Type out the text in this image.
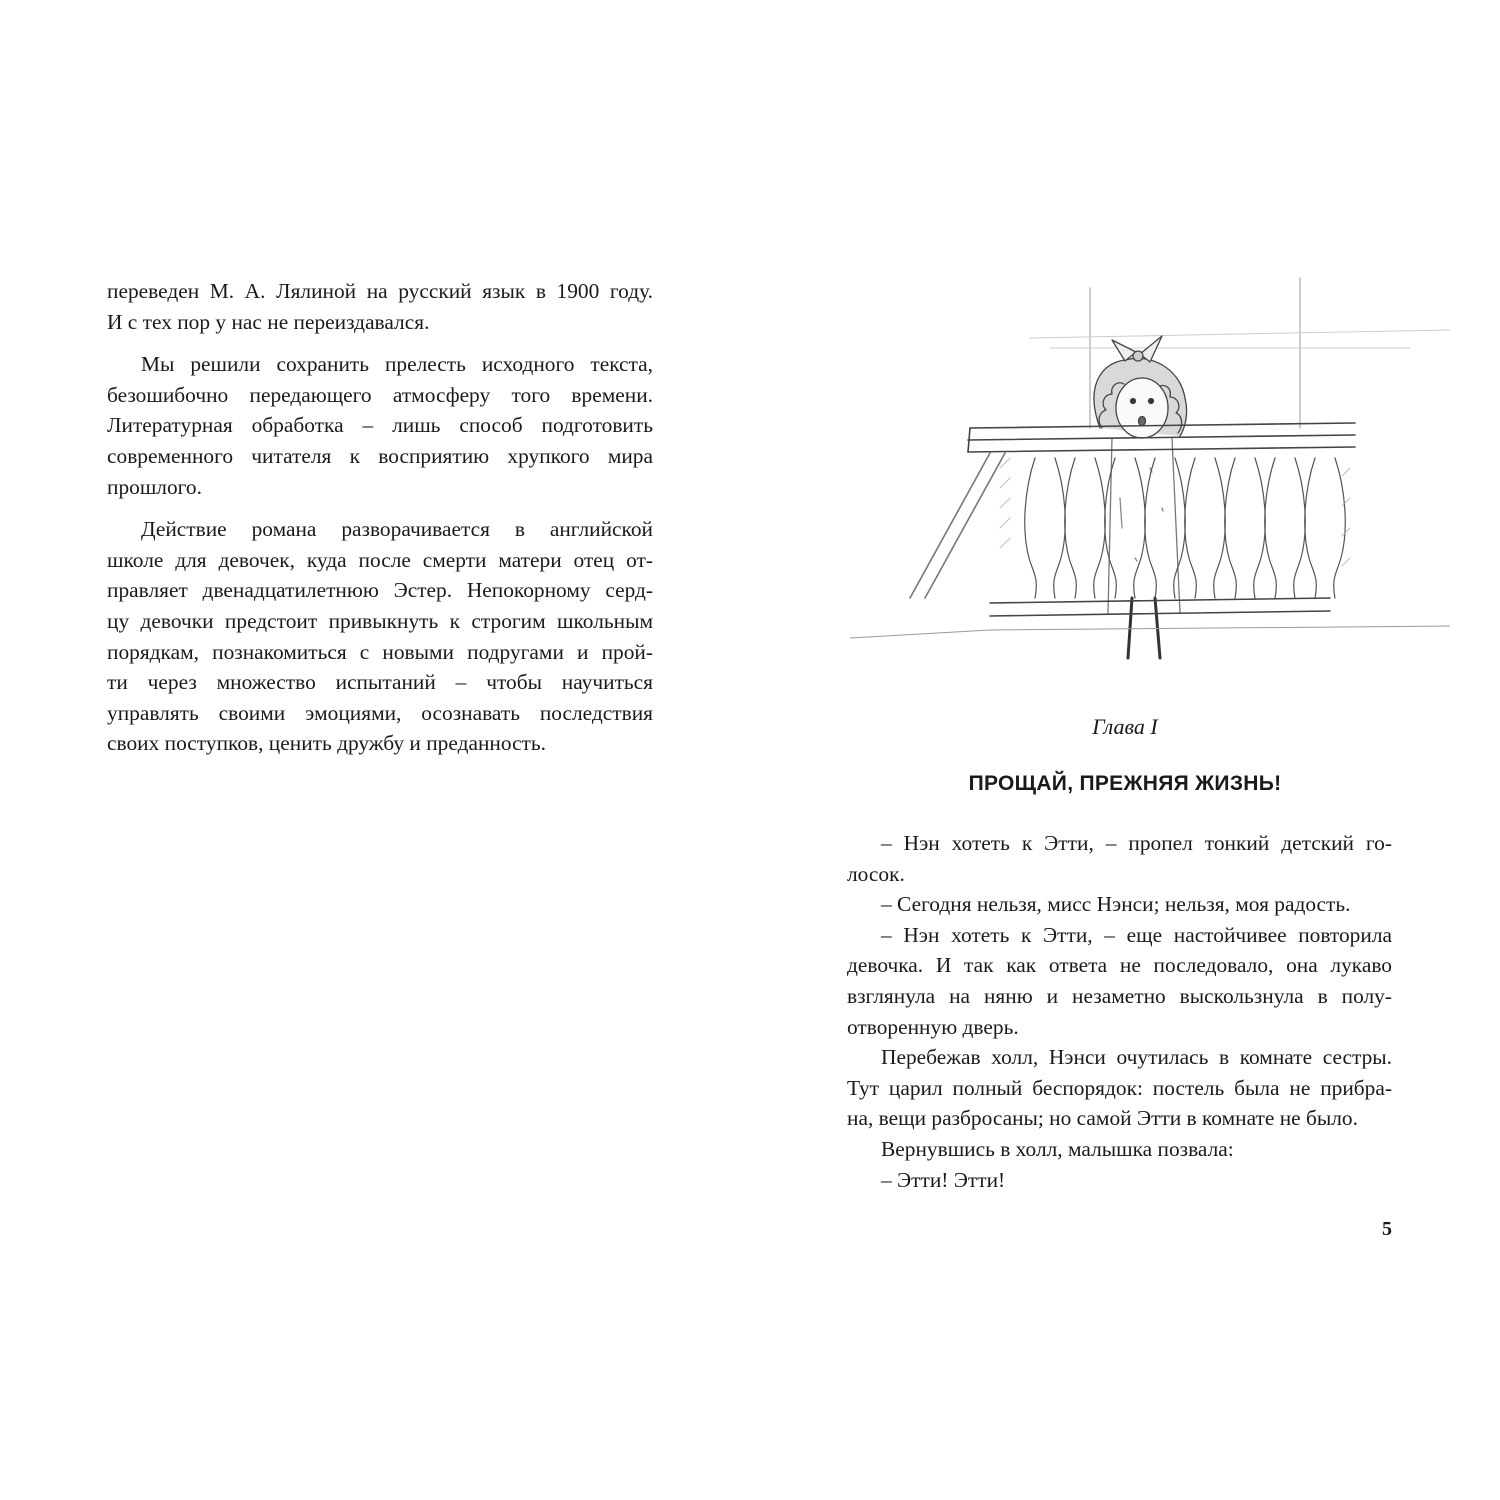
переведен М. А. Лялиной на русский язык в 1900 году.
И с тех пор у нас не переиздавался.

Мы решили сохранить прелесть исходного текста,
безошибочно передающего атмосферу того времени.
Литературная обработка – лишь способ подготовить
современного читателя к восприятию хрупкого мира
прошлого.

Действие романа разворачивается в английской
школе для девочек, куда после смерти матери отец от-
правляет двенадцатилетнюю Эстер. Непокорному серд-
цу девочки предстоит привыкнуть к строгим школьным
порядкам, познакомиться с новыми подругами и прой-
ти через множество испытаний – чтобы научиться
управлять своими эмоциями, осознавать последствия
своих поступков, ценить дружбу и преданность.

Глава I
ПРОЩАЙ, ПРЕЖНЯЯ ЖИЗНЬ!

– Нэн хотеть к Этти, – пропел тонкий детский го-
лосок.

– Сегодня нельзя, мисс Нэнси; нельзя, моя радость.

– Нэн хотеть к Этти, – еще настойчивее повторила
девочка. И так как ответа не последовало, она лукаво
взглянула на няню и незаметно выскользнула в полу-
отворенную дверь.

Перебежав холл, Нэнси очутилась в комнате сестры.
Тут царил полный беспорядок: постель была не прибра-
на, вещи разбросаны; но самой Этти в комнате не было.

Вернувшись в холл, малышка позвала:

– Этти! Этти!

5
